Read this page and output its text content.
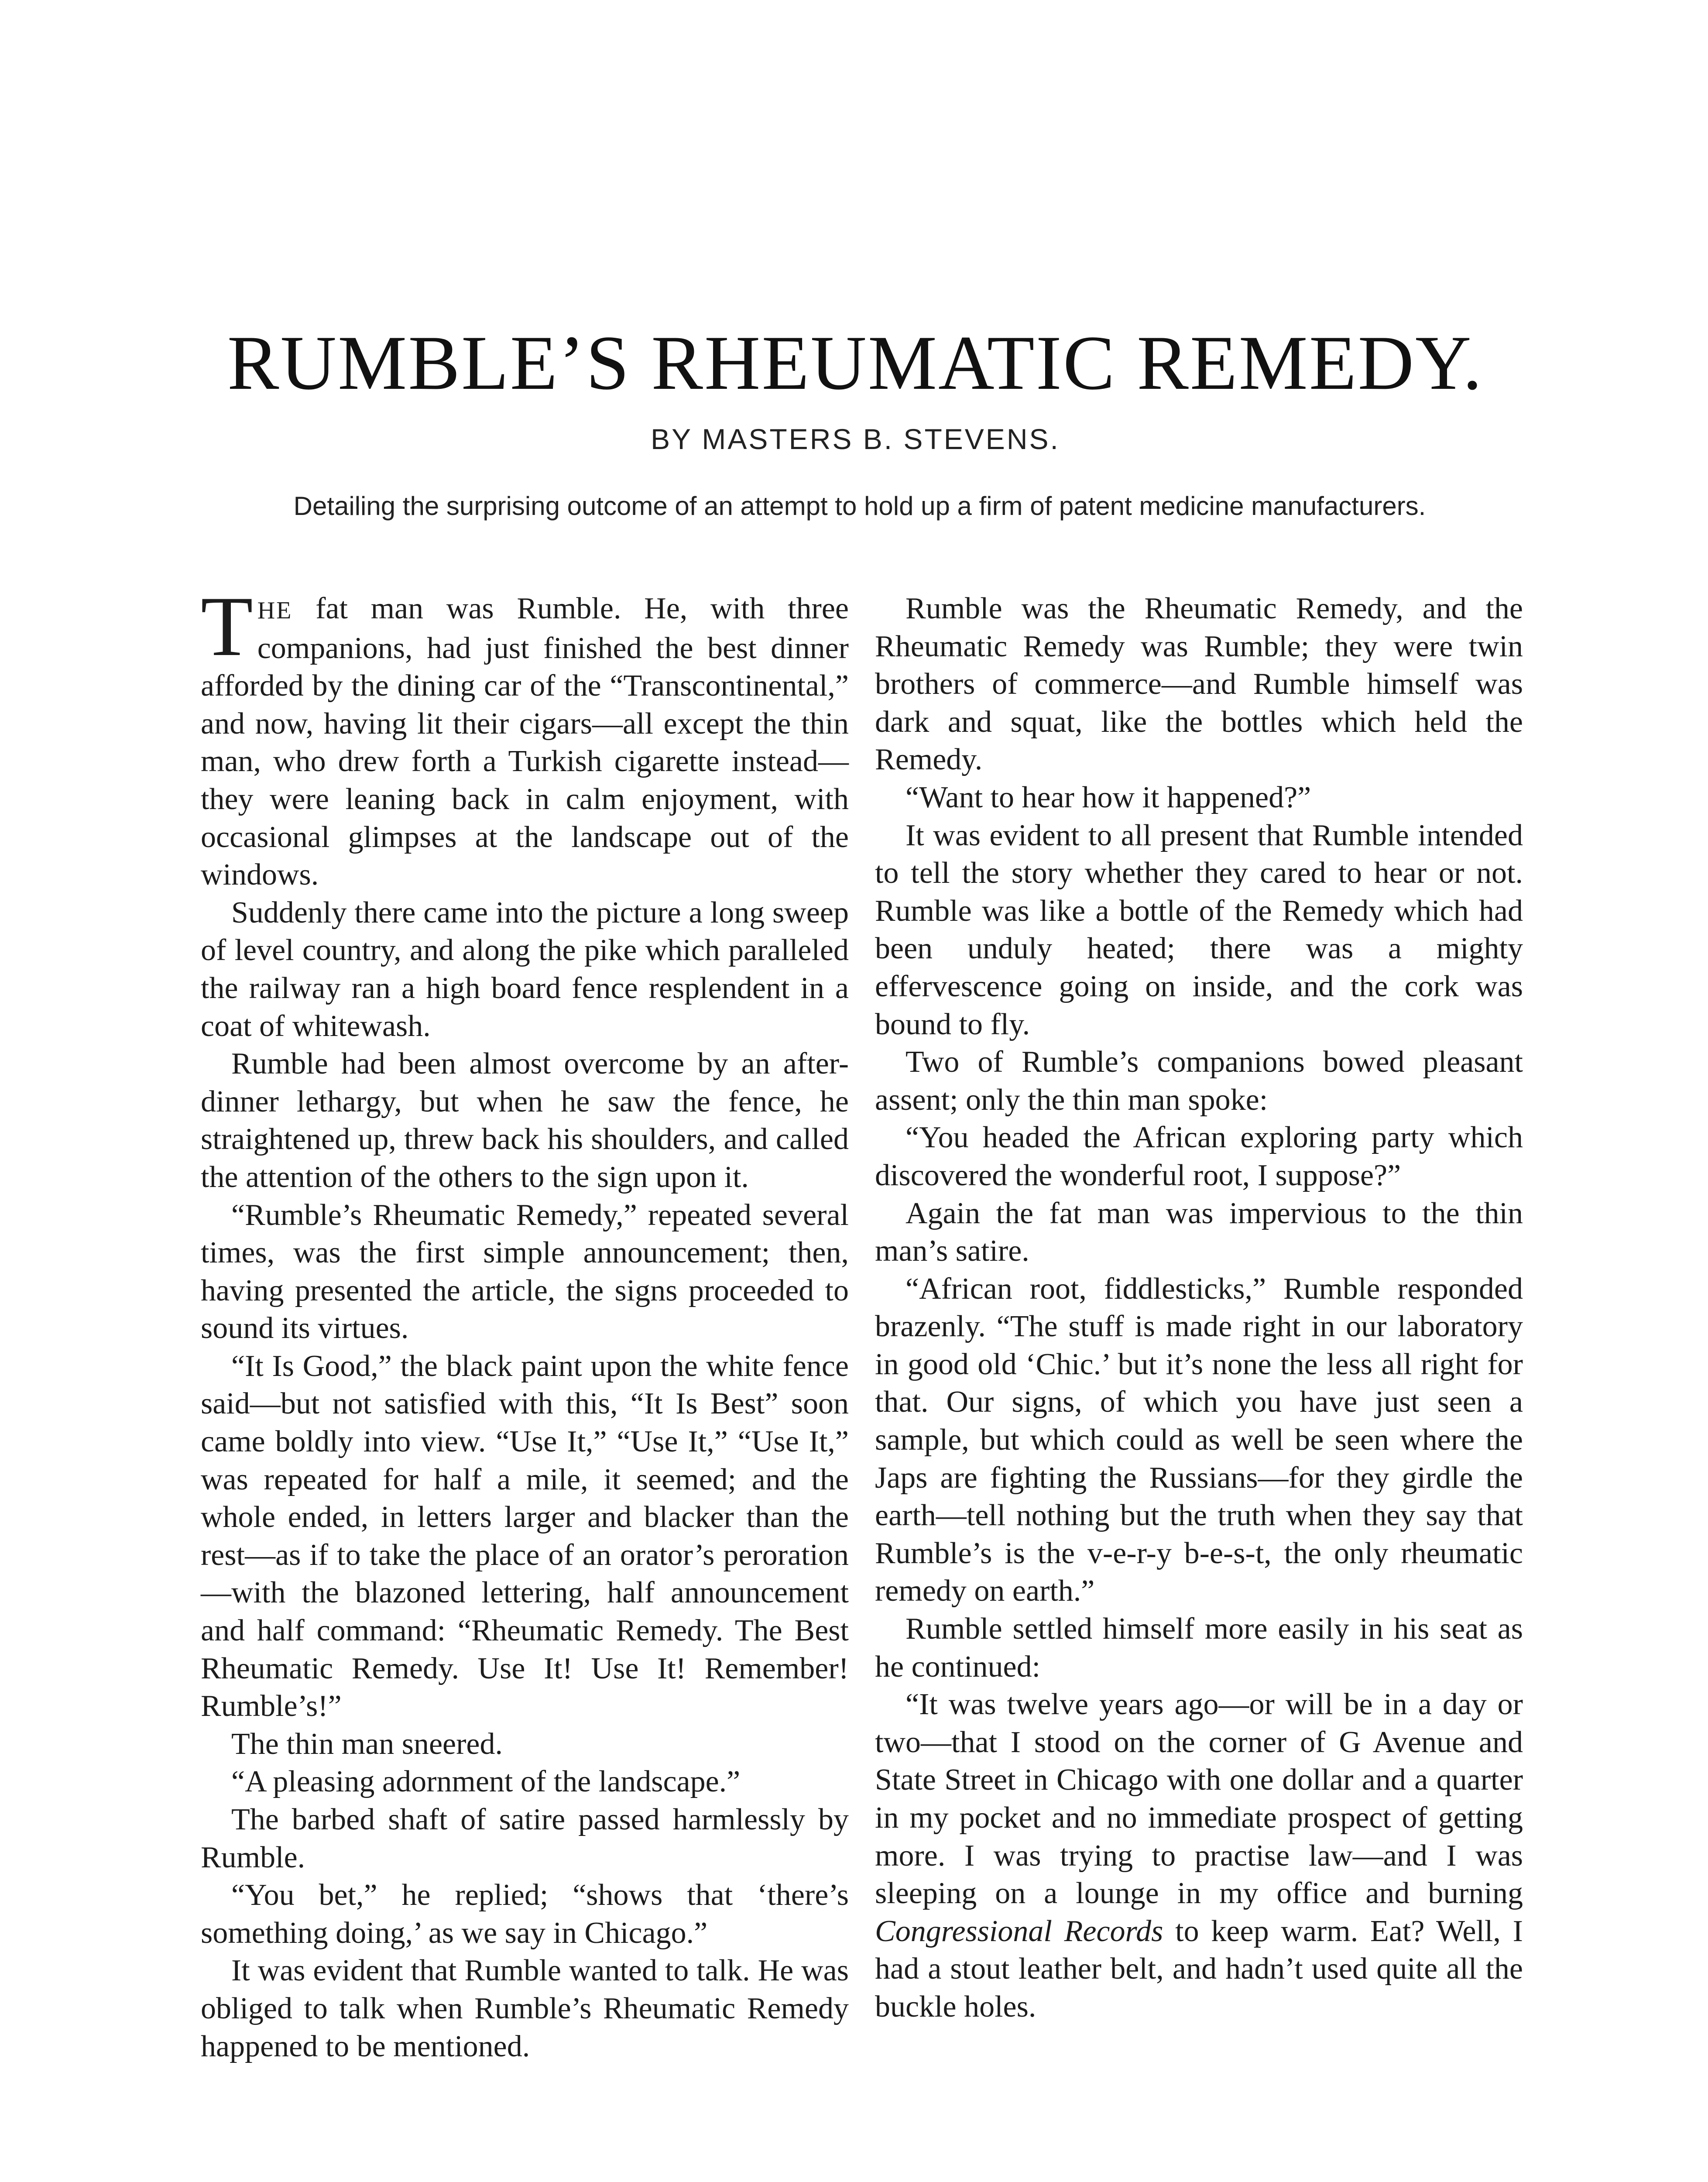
RUMBLE’S RHEUMATIC REMEDY.
BY MASTERS B. STEVENS.
Detailing the surprising outcome of an attempt to hold up a firm of patent medicine manufacturers.

THE fat man was Rumble. He, with three companions, had just finished the best dinner afforded by the dining car of the “Transcontinental,” and now, having lit their cigars—all except the thin man, who drew forth a Turkish cigarette instead—they were leaning back in calm enjoyment, with occasional glimpses at the landscape out of the windows.

Suddenly there came into the picture a long sweep of level country, and along the pike which paralleled the railway ran a high board fence resplendent in a coat of whitewash.

Rumble had been almost overcome by an after-dinner lethargy, but when he saw the fence, he straightened up, threw back his shoulders, and called the attention of the others to the sign upon it.

“Rumble’s Rheumatic Remedy,” repeated several times, was the first simple announcement; then, having presented the article, the signs proceeded to sound its virtues.

“It Is Good,” the black paint upon the white fence said—but not satisfied with this, “It Is Best” soon came boldly into view. “Use It,” “Use It,” “Use It,” was repeated for half a mile, it seemed; and the whole ended, in letters larger and blacker than the rest—as if to take the place of an orator’s peroration—with the blazoned lettering, half announcement and half command: “Rheumatic Remedy. The Best Rheumatic Remedy. Use It! Use It! Remember! Rumble’s!”

The thin man sneered.

“A pleasing adornment of the landscape.”

The barbed shaft of satire passed harmlessly by Rumble.

“You bet,” he replied; “shows that ‘there’s something doing,’ as we say in Chicago.”

It was evident that Rumble wanted to talk. He was obliged to talk when Rumble’s Rheumatic Remedy happened to be mentioned.

Rumble was the Rheumatic Remedy, and the Rheumatic Remedy was Rumble; they were twin brothers of commerce—and Rumble himself was dark and squat, like the bottles which held the Remedy.

“Want to hear how it happened?”

It was evident to all present that Rumble intended to tell the story whether they cared to hear or not. Rumble was like a bottle of the Remedy which had been unduly heated; there was a mighty effervescence going on inside, and the cork was bound to fly.

Two of Rumble’s companions bowed pleasant assent; only the thin man spoke:

“You headed the African exploring party which discovered the wonderful root, I suppose?”

Again the fat man was impervious to the thin man’s satire.

“African root, fiddlesticks,” Rumble responded brazenly. “The stuff is made right in our laboratory in good old ‘Chic.’ but it’s none the less all right for that. Our signs, of which you have just seen a sample, but which could as well be seen where the Japs are fighting the Russians—for they girdle the earth—tell nothing but the truth when they say that Rumble’s is the v-e-r-y b-e-s-t, the only rheumatic remedy on earth.”

Rumble settled himself more easily in his seat as he continued:

“It was twelve years ago—or will be in a day or two—that I stood on the corner of G Avenue and State Street in Chicago with one dollar and a quarter in my pocket and no immediate prospect of getting more. I was trying to practise law—and I was sleeping on a lounge in my office and burning Congressional Records to keep warm. Eat? Well, I had a stout leather belt, and hadn’t used quite all the buckle holes.
